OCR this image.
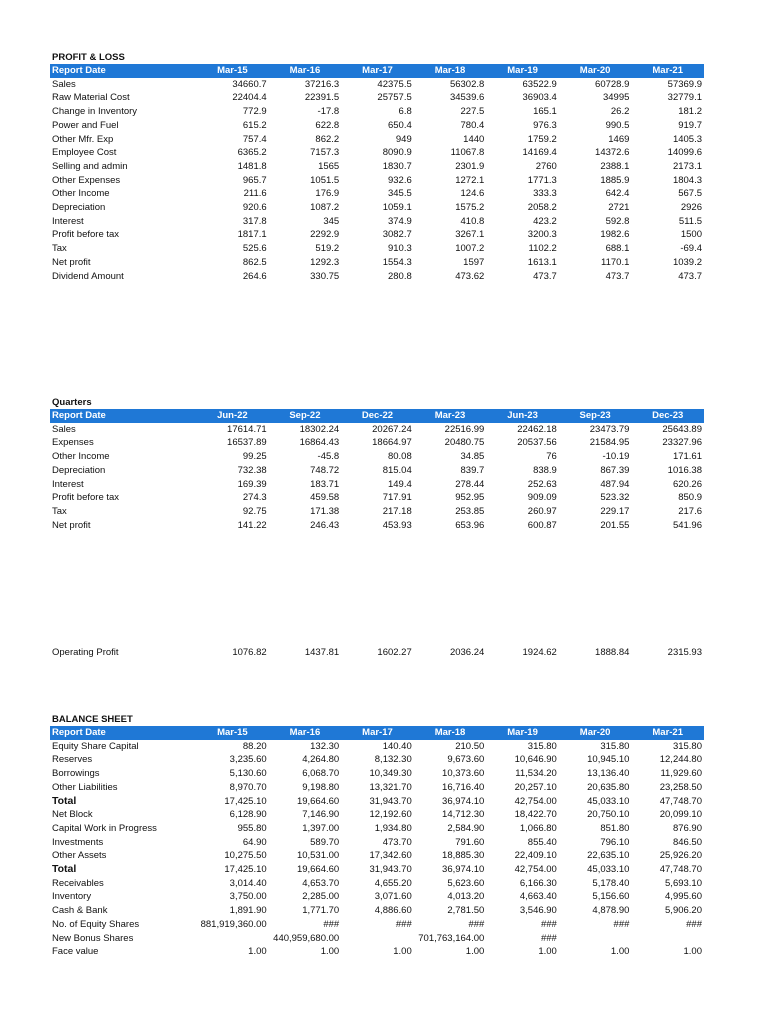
PROFIT & LOSS
Report Date	Mar-15	Mar-16	Mar-17	Mar-18	Mar-19	Mar-20	Mar-21
Sales	34660.7	37216.3	42375.5	56302.8	63522.9	60728.9	57369.9
Raw Material Cost	22404.4	22391.5	25757.5	34539.6	36903.4	34995	32779.1
Change in Inventory	772.9	-17.8	6.8	227.5	165.1	26.2	181.2
Power and Fuel	615.2	622.8	650.4	780.4	976.3	990.5	919.7
Other Mfr. Exp	757.4	862.2	949	1440	1759.2	1469	1405.3
Employee Cost	6365.2	7157.3	8090.9	11067.8	14169.4	14372.6	14099.6
Selling and admin	1481.8	1565	1830.7	2301.9	2760	2388.1	2173.1
Other Expenses	965.7	1051.5	932.6	1272.1	1771.3	1885.9	1804.3
Other Income	211.6	176.9	345.5	124.6	333.3	642.4	567.5
Depreciation	920.6	1087.2	1059.1	1575.2	2058.2	2721	2926
Interest	317.8	345	374.9	410.8	423.2	592.8	511.5
Profit before tax	1817.1	2292.9	3082.7	3267.1	3200.3	1982.6	1500
Tax	525.6	519.2	910.3	1007.2	1102.2	688.1	-69.4
Net profit	862.5	1292.3	1554.3	1597	1613.1	1170.1	1039.2
Dividend Amount	264.6	330.75	280.8	473.62	473.7	473.7	473.7
Quarters
Report Date	Jun-22	Sep-22	Dec-22	Mar-23	Jun-23	Sep-23	Dec-23
Sales	17614.71	18302.24	20267.24	22516.99	22462.18	23473.79	25643.89
Expenses	16537.89	16864.43	18664.97	20480.75	20537.56	21584.95	23327.96
Other Income	99.25	-45.8	80.08	34.85	76	-10.19	171.61
Depreciation	732.38	748.72	815.04	839.7	838.9	867.39	1016.38
Interest	169.39	183.71	149.4	278.44	252.63	487.94	620.26
Profit before tax	274.3	459.58	717.91	952.95	909.09	523.32	850.9
Tax	92.75	171.38	217.18	253.85	260.97	229.17	217.6
Net profit	141.22	246.43	453.93	653.96	600.87	201.55	541.96
Operating Profit	1076.82	1437.81	1602.27	2036.24	1924.62	1888.84	2315.93
BALANCE SHEET
Report Date	Mar-15	Mar-16	Mar-17	Mar-18	Mar-19	Mar-20	Mar-21
Equity Share Capital	88.20	132.30	140.40	210.50	315.80	315.80	315.80
Reserves	3,235.60	4,264.80	8,132.30	9,673.60	10,646.90	10,945.10	12,244.80
Borrowings	5,130.60	6,068.70	10,349.30	10,373.60	11,534.20	13,136.40	11,929.60
Other Liabilities	8,970.70	9,198.80	13,321.70	16,716.40	20,257.10	20,635.80	23,258.50
Total	17,425.10	19,664.60	31,943.70	36,974.10	42,754.00	45,033.10	47,748.70
Net Block	6,128.90	7,146.90	12,192.60	14,712.30	18,422.70	20,750.10	20,099.10
Capital Work in Progress	955.80	1,397.00	1,934.80	2,584.90	1,066.80	851.80	876.90
Investments	64.90	589.70	473.70	791.60	855.40	796.10	846.50
Other Assets	10,275.50	10,531.00	17,342.60	18,885.30	22,409.10	22,635.10	25,926.20
Total	17,425.10	19,664.60	31,943.70	36,974.10	42,754.00	45,033.10	47,748.70
Receivables	3,014.40	4,653.70	4,655.20	5,623.60	6,166.30	5,178.40	5,693.10
Inventory	3,750.00	2,285.00	3,071.60	4,013.20	4,663.40	5,156.60	4,995.60
Cash & Bank	1,891.90	1,771.70	4,886.60	2,781.50	3,546.90	4,878.90	5,906.20
No. of Equity Shares	881,919,360.00	###	###	###	###	###	###
New Bonus Shares		440,959,680.00		701,763,164.00	###		
Face value	1.00	1.00	1.00	1.00	1.00	1.00	1.00
